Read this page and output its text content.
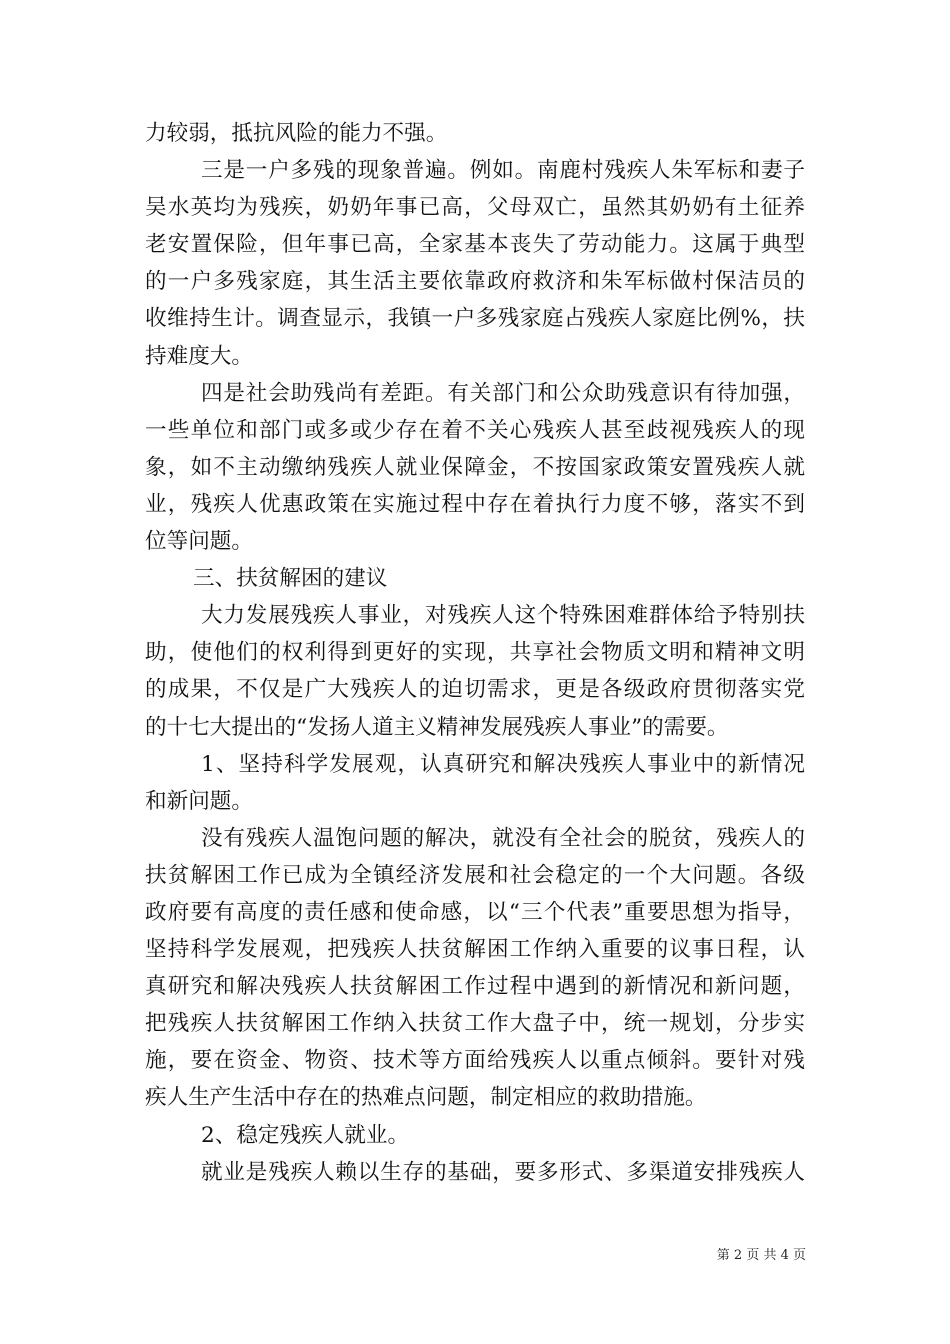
力较弱，抵抗风险的能力不强。
三是一户多残的现象普遍。例如。南鹿村残疾人朱军标和妻子
吴水英均为残疾，奶奶年事已高，父母双亡，虽然其奶奶有土征养
老安置保险，但年事已高，全家基本丧失了劳动能力。这属于典型
的一户多残家庭，其生活主要依靠政府救济和朱军标做村保洁员的
收维持生计。调查显示，我镇一户多残家庭占残疾人家庭比例%，扶
持难度大。
四是社会助残尚有差距。有关部门和公众助残意识有待加强，
一些单位和部门或多或少存在着不关心残疾人甚至歧视残疾人的现
象，如不主动缴纳残疾人就业保障金，不按国家政策安置残疾人就
业，残疾人优惠政策在实施过程中存在着执行力度不够，落实不到
位等问题。
三、扶贫解困的建议
大力发展残疾人事业，对残疾人这个特殊困难群体给予特别扶
助，使他们的权利得到更好的实现，共享社会物质文明和精神文明
的成果，不仅是广大残疾人的迫切需求，更是各级政府贯彻落实党
的十七大提出的“发扬人道主义精神发展残疾人事业”的需要。
1、坚持科学发展观，认真研究和解决残疾人事业中的新情况
和新问题。
没有残疾人温饱问题的解决，就没有全社会的脱贫，残疾人的
扶贫解困工作已成为全镇经济发展和社会稳定的一个大问题。各级
政府要有高度的责任感和使命感，以“三个代表”重要思想为指导，
坚持科学发展观，把残疾人扶贫解困工作纳入重要的议事日程，认
真研究和解决残疾人扶贫解困工作过程中遇到的新情况和新问题，
把残疾人扶贫解困工作纳入扶贫工作大盘子中，统一规划，分步实
施，要在资金、物资、技术等方面给残疾人以重点倾斜。要针对残
疾人生产生活中存在的热难点问题，制定相应的救助措施。
2、稳定残疾人就业。
就业是残疾人赖以生存的基础，要多形式、多渠道安排残疾人
第 2 页 共 4 页
